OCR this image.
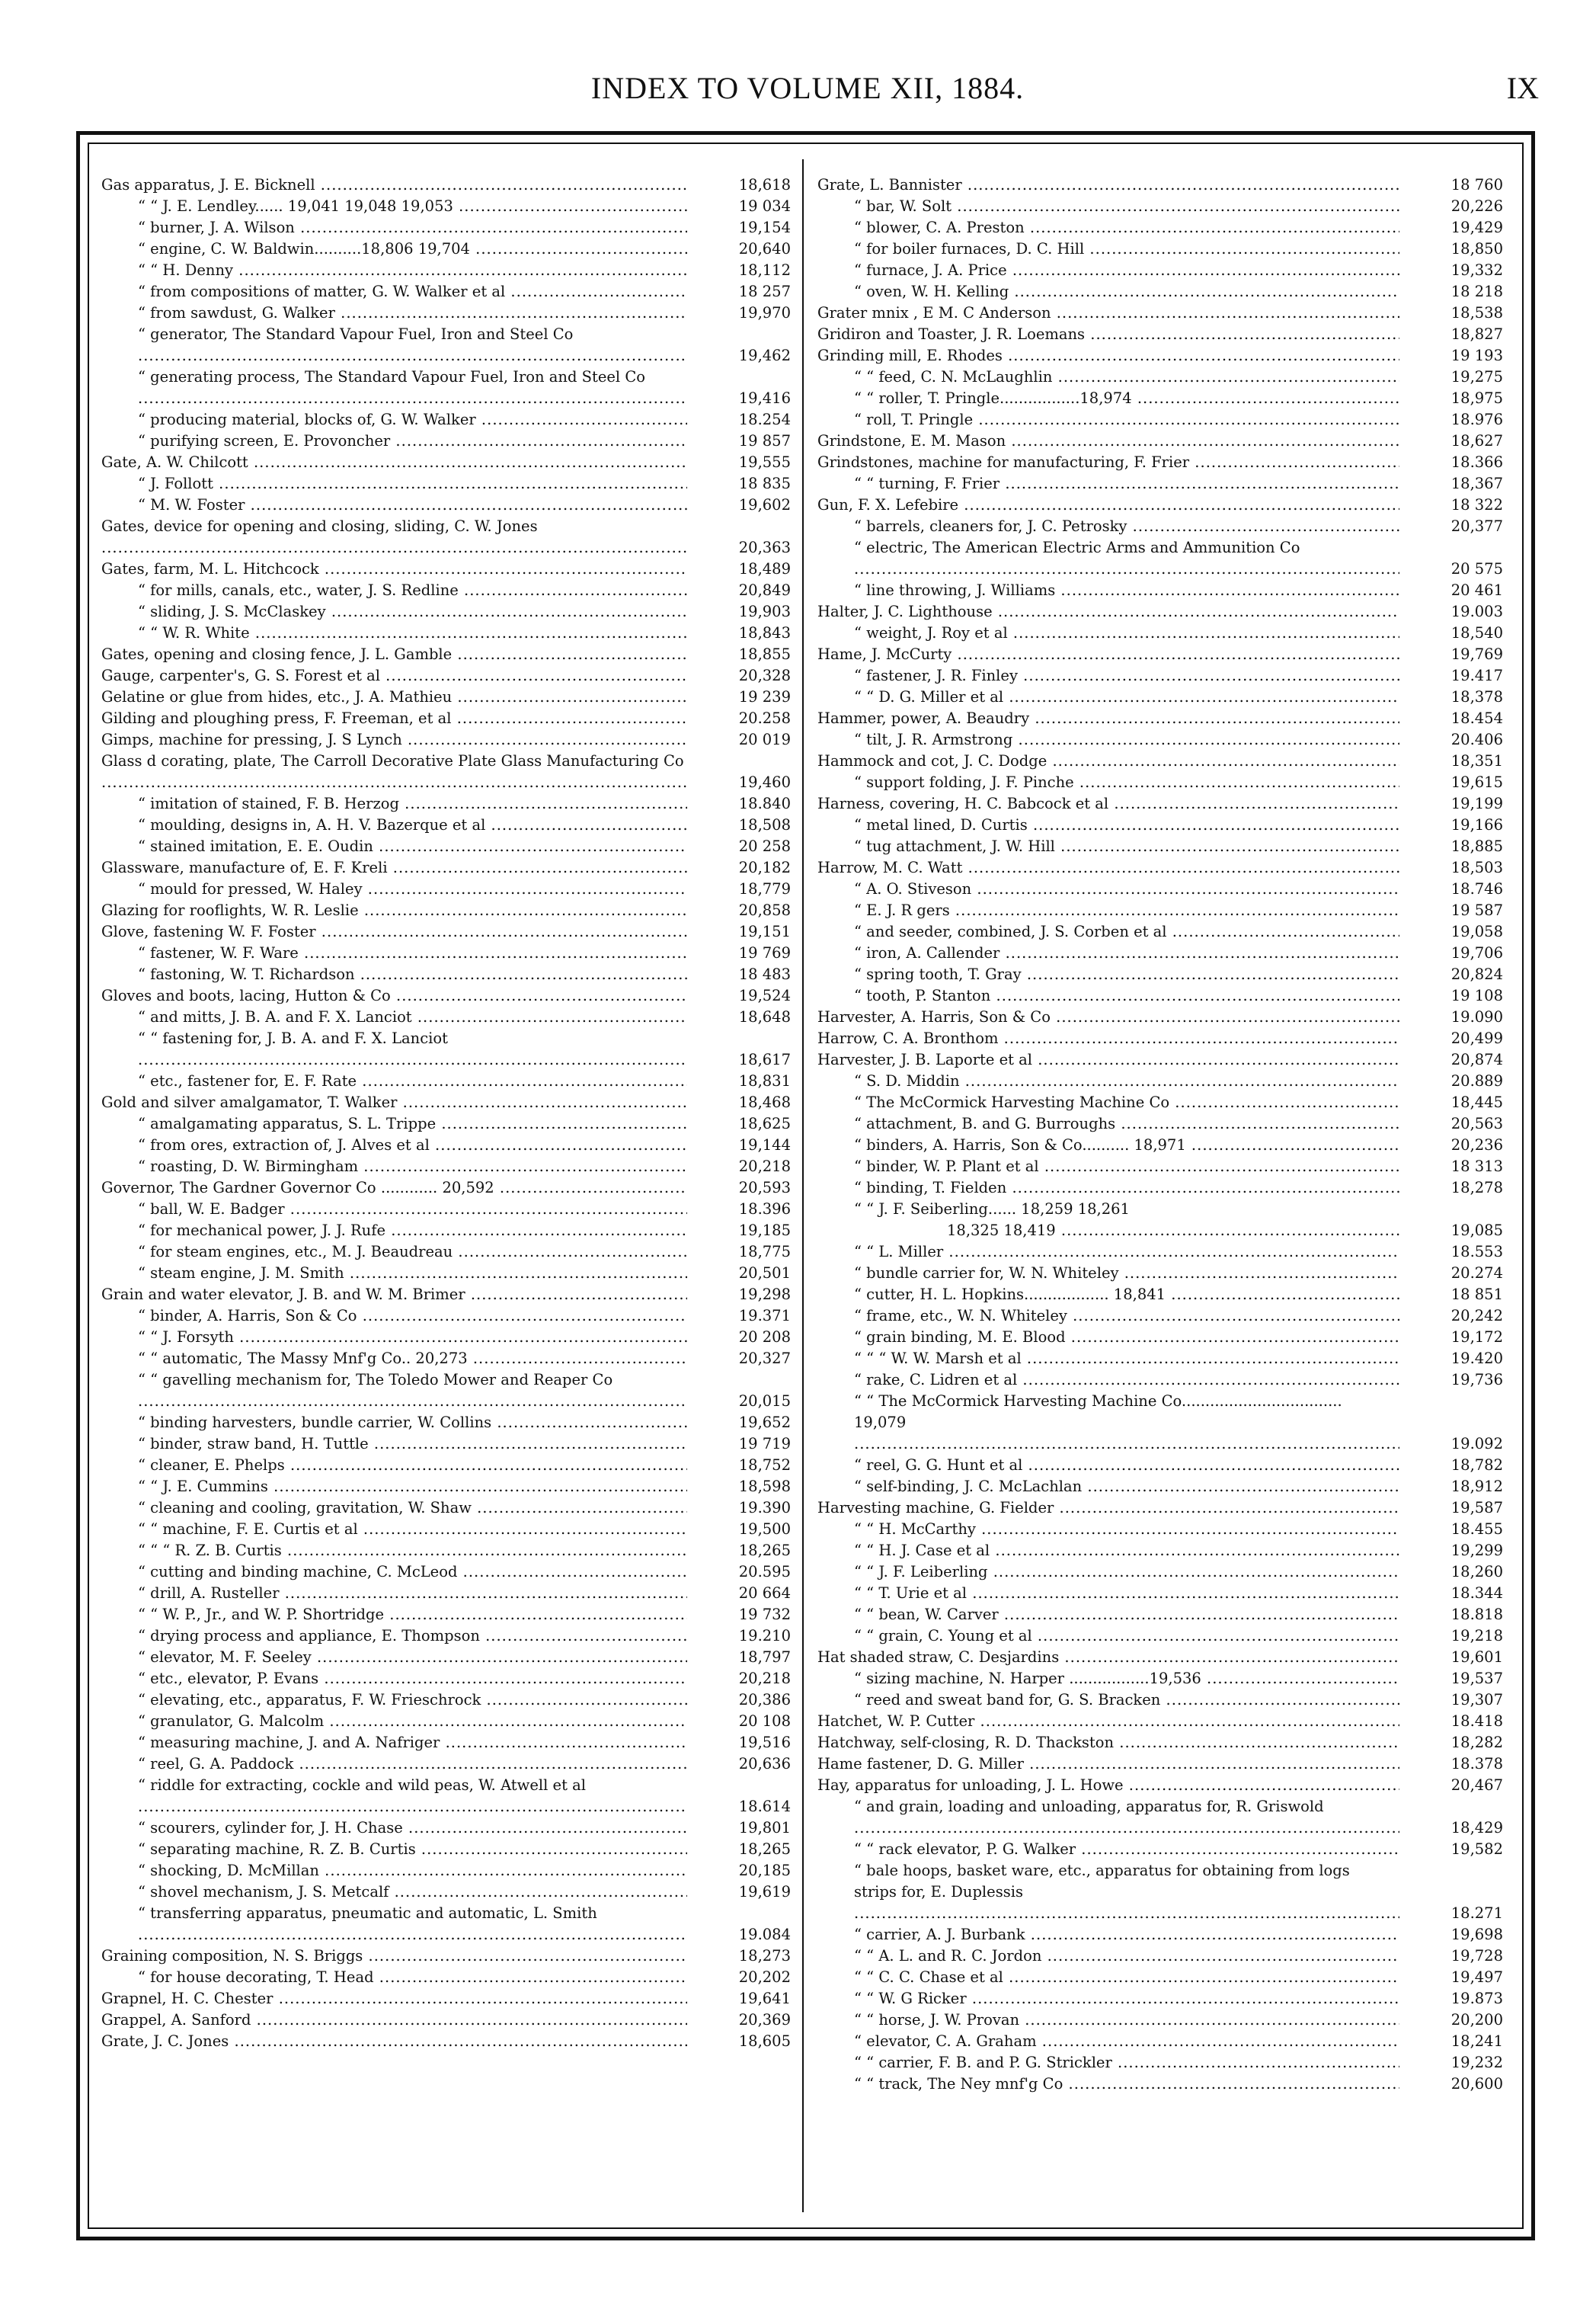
INDEX TO VOLUME XII, 1884.	IX
Gas apparatus, J. E. Bicknell .....	18,618
“ “ J. E. Lendley...... 19,041 19,048 19,053 .....	19 034
“ burner, J. A. Wilson .....	19,154
“ engine, C. W. Baldwin..........18,806 19,704 .....	20,640
“ “ H. Denny .....	18,112
“ from compositions of matter, G. W. Walker et al .....	18 257
“ from sawdust, G. Walker .....	19,970
“ generator, The Standard Vapour Fuel, Iron and Steel Co .....
19,462
“ generating process, The Standard Vapour Fuel, Iron and Steel Co .....
19,416
“ producing material, blocks of, G. W. Walker .....	18.254
“ purifying screen, E. Provoncher .....	19 857
Gate, A. W. Chilcott .....	19,555
“ J. Follott .....	18 835
“ M. W. Foster .....	19,602
Gates, device for opening and closing, sliding, C. W. Jones .....
20,363
Gates, farm, M. L. Hitchcock .....	18,489
“ for mills, canals, etc., water, J. S. Redline .....	20,849
“ sliding, J. S. McClaskey .....	19,903
“ “ W. R. White .....	18,843
Gates, opening and closing fence, J. L. Gamble .....	18,855
Gauge, carpenter's, G. S. Forest et al .....	20,328
Gelatine or glue from hides, etc., J. A. Mathieu .....	19 239
Gilding and ploughing press, F. Freeman, et al .....	20.258
Gimps, machine for pressing, J. S Lynch .....	20 019
Glass d corating, plate, The Carroll Decorative Plate Glass Manufacturing Co .....
19,460
“ imitation of stained, F. B. Herzog .....	18.840
“ moulding, designs in, A. H. V. Bazerque et al .....	18,508
“ stained imitation, E. E. Oudin .....	20 258
Glassware, manufacture of, E. F. Kreli .....	20,182
“ mould for pressed, W. Haley .....	18,779
Glazing for rooflights, W. R. Leslie .....	20,858
Glove, fastening W. F. Foster .....	19,151
“ fastener, W. F. Ware .....	19 769
“ fastoning, W. T. Richardson .....	18 483
Gloves and boots, lacing, Hutton & Co .....	19,524
“ and mitts, J. B. A. and F. X. Lanciot .....	18,648
“ “ fastening for, J. B. A. and F. X. Lanciot .....
18,617
“ etc., fastener for, E. F. Rate .....	18,831
Gold and silver amalgamator, T. Walker .....	18,468
“ amalgamating apparatus, S. L. Trippe .....	18,625
“ from ores, extraction of, J. Alves et al .....	19,144
“ roasting, D. W. Birmingham .....	20,218
Governor, The Gardner Governor Co ............ 20,592 .....	20,593
“ ball, W. E. Badger .....	18.396
“ for mechanical power, J. J. Rufe .....	19,185
“ for steam engines, etc., M. J. Beaudreau .....	18,775
“ steam engine, J. M. Smith .....	20,501
Grain and water elevator, J. B. and W. M. Brimer .....	19,298
“ binder, A. Harris, Son & Co .....	19.371
“ “ J. Forsyth .....	20 208
“ “ automatic, The Massy Mnf'g Co.. 20,273 .....	20,327
“ “ gavelling mechanism for, The Toledo Mower and Reaper Co .....
20,015
“ binding harvesters, bundle carrier, W. Collins .....	19,652
“ binder, straw band, H. Tuttle .....	19 719
“ cleaner, E. Phelps .....	18,752
“ “ J. E. Cummins .....	18,598
“ cleaning and cooling, gravitation, W. Shaw .....	19.390
“ “ machine, F. E. Curtis et al .....	19,500
“ “ “ R. Z. B. Curtis .....	18,265
“ cutting and binding machine, C. McLeod .....	20.595
“ drill, A. Rusteller .....	20 664
“ “ W. P., Jr., and W. P. Shortridge .....	19 732
“ drying process and appliance, E. Thompson .....	19.210
“ elevator, M. F. Seeley .....	18,797
“ etc., elevator, P. Evans .....	20,218
“ elevating, etc., apparatus, F. W. Frieschrock .....	20,386
“ granulator, G. Malcolm .....	20 108
“ measuring machine, J. and A. Nafriger .....	19,516
“ reel, G. A. Paddock .....	20,636
“ riddle for extracting, cockle and wild peas, W. Atwell et al .....
18.614
“ scourers, cylinder for, J. H. Chase .....	19,801
“ separating machine, R. Z. B. Curtis .....	18,265
“ shocking, D. McMillan .....	20,185
“ shovel mechanism, J. S. Metcalf .....	19,619
“ transferring apparatus, pneumatic and automatic, L. Smith .....
19.084
Graining composition, N. S. Briggs .....	18,273
“ for house decorating, T. Head .....	20,202
Grapnel, H. C. Chester .....	19,641
Grappel, A. Sanford .....	20,369
Grate, J. C. Jones .....	18,605
Grate, L. Bannister .....	18 760
“ bar, W. Solt .....	20,226
“ blower, C. A. Preston .....	19,429
“ for boiler furnaces, D. C. Hill .....	18,850
“ furnace, J. A. Price .....	19,332
“ oven, W. H. Kelling .....	18 218
Grater mnix , E M. C Anderson .....	18,538
Gridiron and Toaster, J. R. Loemans .....	18,827
Grinding mill, E. Rhodes .....	19 193
“ “ feed, C. N. McLaughlin .....	19,275
“ “ roller, T. Pringle.................18,974 .....	18,975
“ roll, T. Pringle .....	18.976
Grindstone, E. M. Mason .....	18,627
Grindstones, machine for manufacturing, F. Frier .....	18.366
“ “ turning, F. Frier .....	18,367
Gun, F. X. Lefebire .....	18 322
“ barrels, cleaners for, J. C. Petrosky .....	20,377
“ electric, The American Electric Arms and Ammunition Co .....
20 575
“ line throwing, J. Williams .....	20 461
Halter, J. C. Lighthouse .....	19.003
“ weight, J. Roy et al .....	18,540
Hame, J. McCurty .....	19,769
“ fastener, J. R. Finley .....	19.417
“ “ D. G. Miller et al .....	18,378
Hammer, power, A. Beaudry .....	18.454
“ tilt, J. R. Armstrong .....	20.406
Hammock and cot, J. C. Dodge .....	18,351
“ support folding, J. F. Pinche .....	19,615
Harness, covering, H. C. Babcock et al .....	19,199
“ metal lined, D. Curtis .....	19,166
“ tug attachment, J. W. Hill .....	18,885
Harrow, M. C. Watt .....	18,503
“ A. O. Stiveson .....	18.746
“ E. J. R gers .....	19 587
“ and seeder, combined, J. S. Corben et al .....	19,058
“ iron, A. Callender .....	19,706
“ spring tooth, T. Gray .....	20,824
“ tooth, P. Stanton .....	19 108
Harvester, A. Harris, Son & Co .....	19.090
Harrow, C. A. Bronthom .....	20,499
Harvester, J. B. Laporte et al .....	20,874
“ S. D. Middin .....	20.889
“ The McCormick Harvesting Machine Co .....	18,445
“ attachment, B. and G. Burroughs .....	20,563
“ binders, A. Harris, Son & Co.......... 18,971 .....	20,236
“ binder, W. P. Plant et al .....	18 313
“ binding, T. Fielden .....	18,278
“ “ J. F. Seiberling...... 18,259 18,261
18,325 18,419 .....	19,085
“ “ L. Miller .....	18.553
“ bundle carrier for, W. N. Whiteley .....	20.274
“ cutter, H. L. Hopkins.................. 18,841 .....	18 851
“ frame, etc., W. N. Whiteley .....	20,242
“ grain binding, M. E. Blood .....	19,172
“ “ “ W. W. Marsh et al .....	19.420
“ rake, C. Lidren et al .....	19,736
“ “ The McCormick Harvesting Machine Co.................................. 19,079 .....
19.092
“ reel, G. G. Hunt et al .....	18,782
“ self-binding, J. C. McLachlan .....	18,912
Harvesting machine, G. Fielder .....	19,587
“ “ H. McCarthy .....	18.455
“ “ H. J. Case et al .....	19,299
“ “ J. F. Leiberling .....	18,260
“ “ T. Urie et al .....	18.344
“ “ bean, W. Carver .....	18.818
“ “ grain, C. Young et al .....	19,218
Hat shaded straw, C. Desjardins .....	19,601
“ sizing machine, N. Harper .................19,536 .....	19,537
“ reed and sweat band for, G. S. Bracken .....	19,307
Hatchet, W. P. Cutter .....	18.418
Hatchway, self-closing, R. D. Thackston .....	18,282
Hame fastener, D. G. Miller .....	18.378
Hay, apparatus for unloading, J. L. Howe .....	20,467
“ and grain, loading and unloading, apparatus for, R. Griswold .....
18,429
“ “ rack elevator, P. G. Walker .....	19,582
“ bale hoops, basket ware, etc., apparatus for obtaining from logs strips for, E. Duplessis .....
18.271
“ carrier, A. J. Burbank .....	19,698
“ “ A. L. and R. C. Jordon .....	19,728
“ “ C. C. Chase et al .....	19,497
“ “ W. G Ricker .....	19.873
“ “ horse, J. W. Provan .....	20,200
“ elevator, C. A. Graham .....	18,241
“ “ carrier, F. B. and P. G. Strickler .....	19,232
“ “ track, The Ney mnf'g Co .....	20,600
